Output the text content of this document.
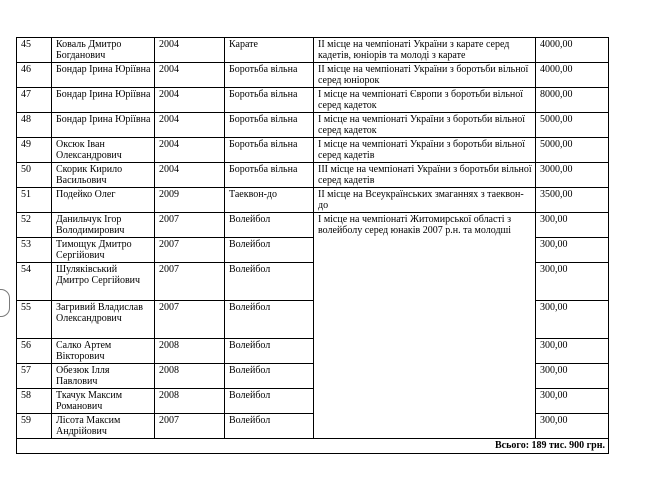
45	Коваль Дмитро Богданович	2004	Карате	ІІ місце на чемпіонаті України з карате серед кадетів, юніорів та молоді з карате	4000,00
46	Бондар Ірина Юріївна	2004	Боротьба вільна	ІІ місце на чемпіонаті України з боротьби вільної серед юніорок	4000,00
47	Бондар Ірина Юріївна	2004	Боротьба вільна	І місце на чемпіонаті Європи з боротьби вільної серед кадеток	8000,00
48	Бондар Ірина Юріївна	2004	Боротьба вільна	І місце на чемпіонаті України з боротьби вільної серед кадеток	5000,00
49	Оксюк Іван Олександрович	2004	Боротьба вільна	І місце на чемпіонаті України з боротьби вільної серед кадетів	5000,00
50	Скорик Кирило Васильович	2004	Боротьба вільна	ІІІ місце на чемпіонаті України з боротьби вільної серед кадетів	3000,00
51	Подейко Олег	2009	Таеквон-до	ІІ місце на Всеукраїнських змаганнях з таеквон-до	3500,00
52	Данильчук Ігор Володимирович	2007	Волейбол	І місце на чемпіонаті Житомирської області з волейболу серед юнаків 2007 р.н. та молодші	300,00
53	Тимощук Дмитро Сергійович	2007	Волейбол		300,00
54	Шуляківський Дмитро Сергійович	2007	Волейбол		300,00
55	Загривий Владислав Олександрович	2007	Волейбол		300,00
56	Салко Артем Вікторович	2008	Волейбол		300,00
57	Обезюк Ілля Павлович	2008	Волейбол		300,00
58	Ткачук Максим Романович	2008	Волейбол		300,00
59	Лісота Максим Андрійович	2007	Волейбол		300,00
Всього: 189 тис. 900 грн.					
